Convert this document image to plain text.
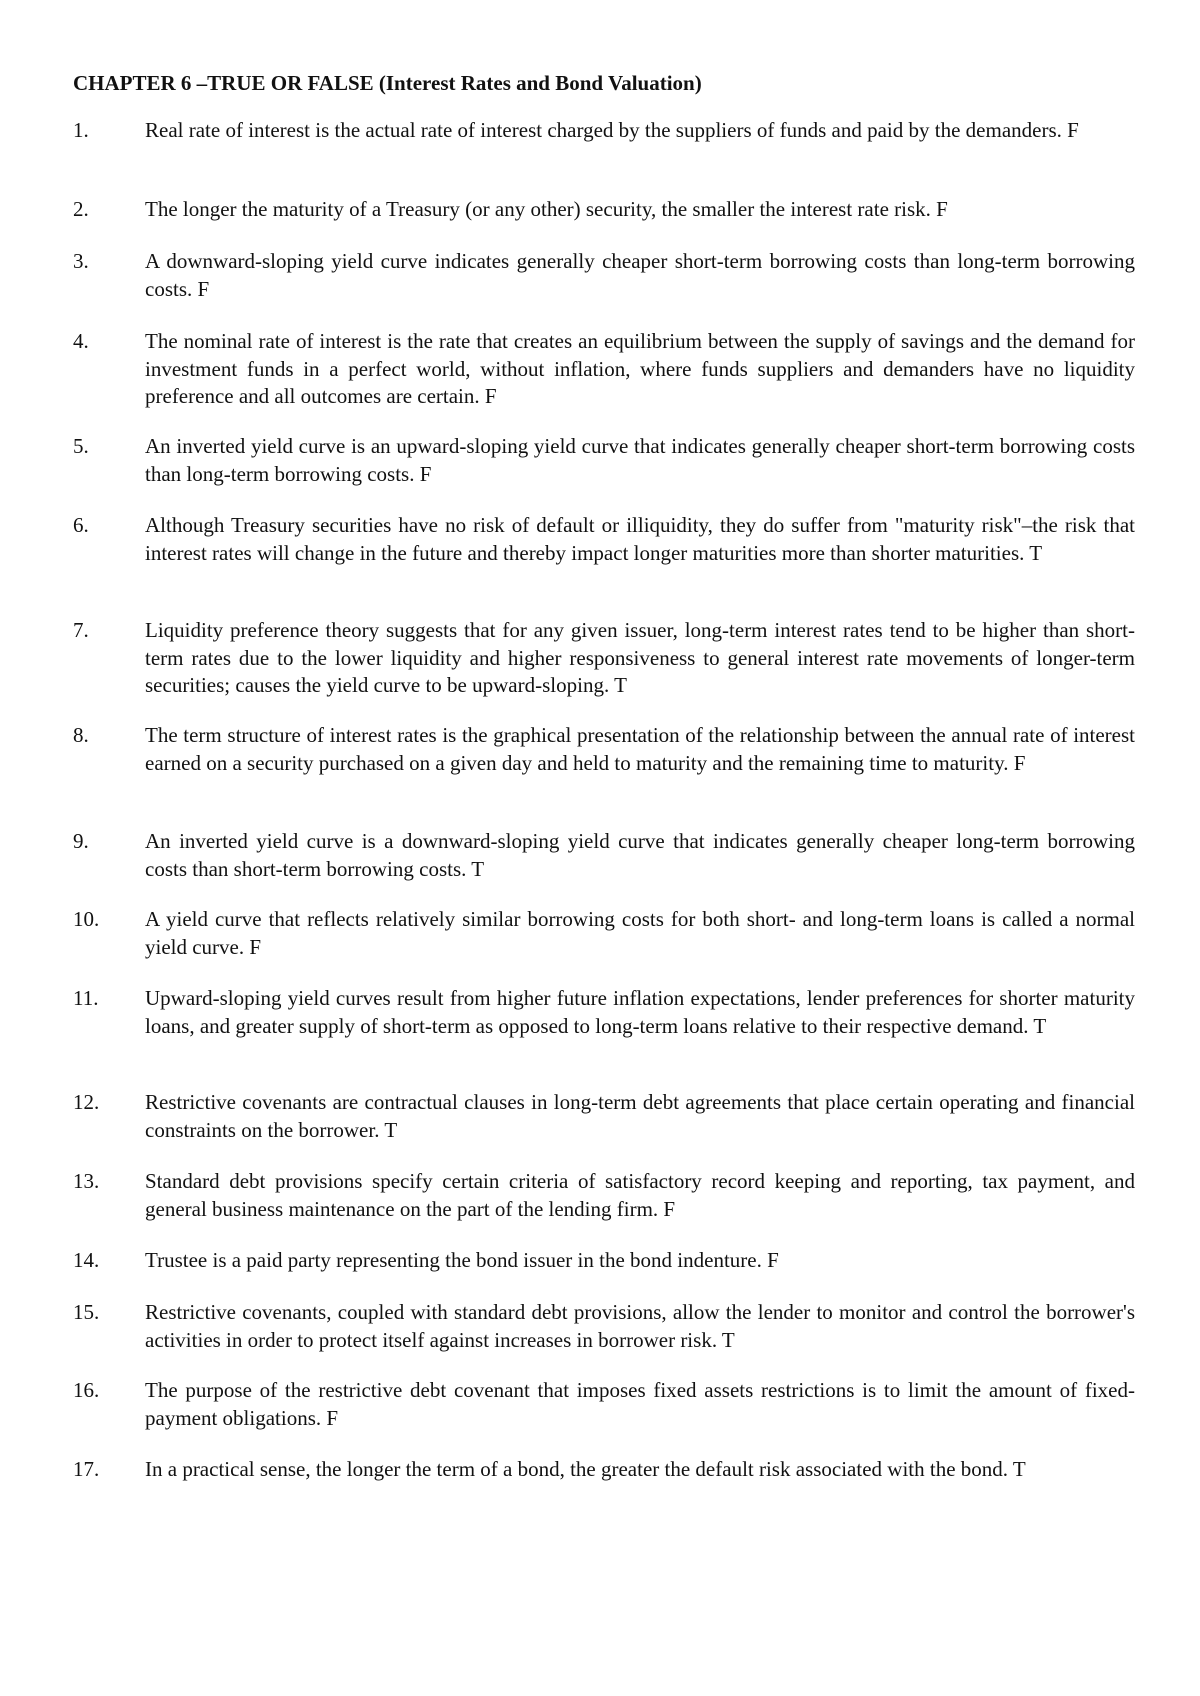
CHAPTER 6 –TRUE OR FALSE (Interest Rates and Bond Valuation)
1.	Real rate of interest is the actual rate of interest charged by the suppliers of funds and paid by the demanders. F
2.	The longer the maturity of a Treasury (or any other) security, the smaller the interest rate risk. F
3.	A downward-sloping yield curve indicates generally cheaper short-term borrowing costs than long-term borrowing costs. F
4.	The nominal rate of interest is the rate that creates an equilibrium between the supply of savings and the demand for investment funds in a perfect world, without inflation, where funds suppliers and demanders have no liquidity preference and all outcomes are certain. F
5.	An inverted yield curve is an upward-sloping yield curve that indicates generally cheaper short-term borrowing costs than long-term borrowing costs. F
6.	Although Treasury securities have no risk of default or illiquidity, they do suffer from "maturity risk"–the risk that interest rates will change in the future and thereby impact longer maturities more than shorter maturities. T
7.	Liquidity preference theory suggests that for any given issuer, long-term interest rates tend to be higher than short-term rates due to the lower liquidity and higher responsiveness to general interest rate movements of longer-term securities; causes the yield curve to be upward-sloping. T
8.	The term structure of interest rates is the graphical presentation of the relationship between the annual rate of interest earned on a security purchased on a given day and held to maturity and the remaining time to maturity. F
9.	An inverted yield curve is a downward-sloping yield curve that indicates generally cheaper long-term borrowing costs than short-term borrowing costs. T
10.	A yield curve that reflects relatively similar borrowing costs for both short- and long-term loans is called a normal yield curve. F
11.	Upward-sloping yield curves result from higher future inflation expectations, lender preferences for shorter maturity loans, and greater supply of short-term as opposed to long-term loans relative to their respective demand. T
12.	Restrictive covenants are contractual clauses in long-term debt agreements that place certain operating and financial constraints on the borrower. T
13.	Standard debt provisions specify certain criteria of satisfactory record keeping and reporting, tax payment, and general business maintenance on the part of the lending firm. F
14.	Trustee is a paid party representing the bond issuer in the bond indenture. F
15.	Restrictive covenants, coupled with standard debt provisions, allow the lender to monitor and control the borrower's activities in order to protect itself against increases in borrower risk. T
16.	The purpose of the restrictive debt covenant that imposes fixed assets restrictions is to limit the amount of fixed-payment obligations. F
17.	In a practical sense, the longer the term of a bond, the greater the default risk associated with the bond. T
